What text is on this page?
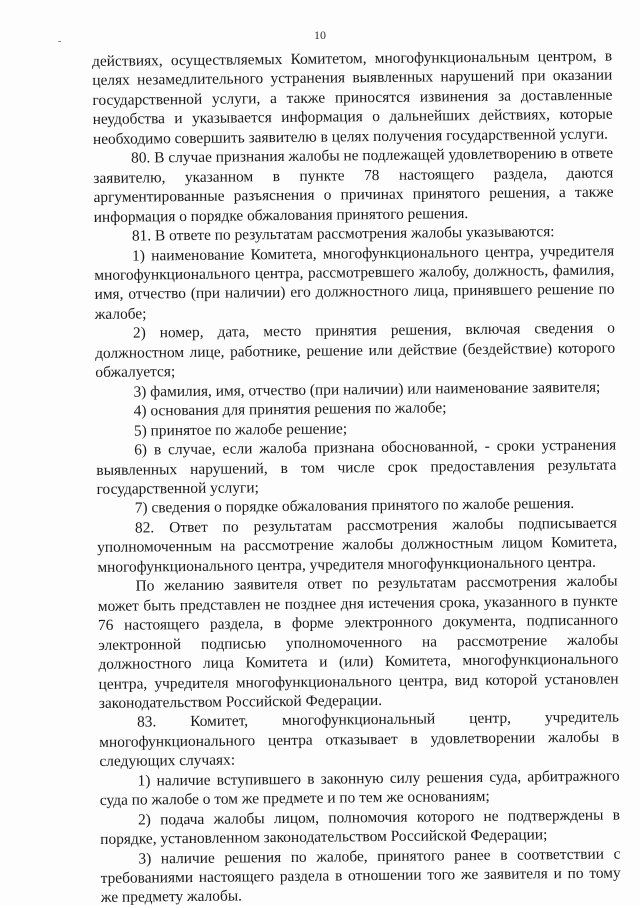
-	10

действиях, осуществляемых Комитетом, многофункциональным центром, в целях незамедлительного устранения выявленных нарушений при оказании государственной услуги, а также приносятся извинения за доставленные неудобства и указывается информация о дальнейших действиях, которые необходимо совершить заявителю в целях получения государственной услуги.

80. В случае признания жалобы не подлежащей удовлетворению в ответе заявителю, указанном в пункте 78 настоящего раздела, даются аргументированные разъяснения о причинах принятого решения, а также информация о порядке обжалования принятого решения.

81. В ответе по результатам рассмотрения жалобы указываются:

1) наименование Комитета, многофункционального центра, учредителя многофункционального центра, рассмотревшего жалобу, должность, фамилия, имя, отчество (при наличии) его должностного лица, принявшего решение по жалобе;

2) номер, дата, место принятия решения, включая сведения о должностном лице, работнике, решение или действие (бездействие) которого обжалуется;

3) фамилия, имя, отчество (при наличии) или наименование заявителя;

4) основания для принятия решения по жалобе;

5) принятое по жалобе решение;

6) в случае, если жалоба признана обоснованной, - сроки устранения выявленных нарушений, в том числе срок предоставления результата государственной услуги;

7) сведения о порядке обжалования принятого по жалобе решения.

82. Ответ по результатам рассмотрения жалобы подписывается уполномоченным на рассмотрение жалобы должностным лицом Комитета, многофункционального центра, учредителя многофункционального центра.

По желанию заявителя ответ по результатам рассмотрения жалобы может быть представлен не позднее дня истечения срока, указанного в пункте 76 настоящего раздела, в форме электронного документа, подписанного электронной подписью уполномоченного на рассмотрение жалобы должностного лица Комитета и (или) Комитета, многофункционального центра, учредителя многофункционального центра, вид которой установлен законодательством Российской Федерации.

83. Комитет, многофункциональный центр, учредитель многофункционального центра отказывает в удовлетворении жалобы в следующих случаях:

1) наличие вступившего в законную силу решения суда, арбитражного суда по жалобе о том же предмете и по тем же основаниям;

2) подача жалобы лицом, полномочия которого не подтверждены в порядке, установленном законодательством Российской Федерации;

3) наличие решения по жалобе, принятого ранее в соответствии с требованиями настоящего раздела в отношении того же заявителя и по тому же предмету жалобы.
